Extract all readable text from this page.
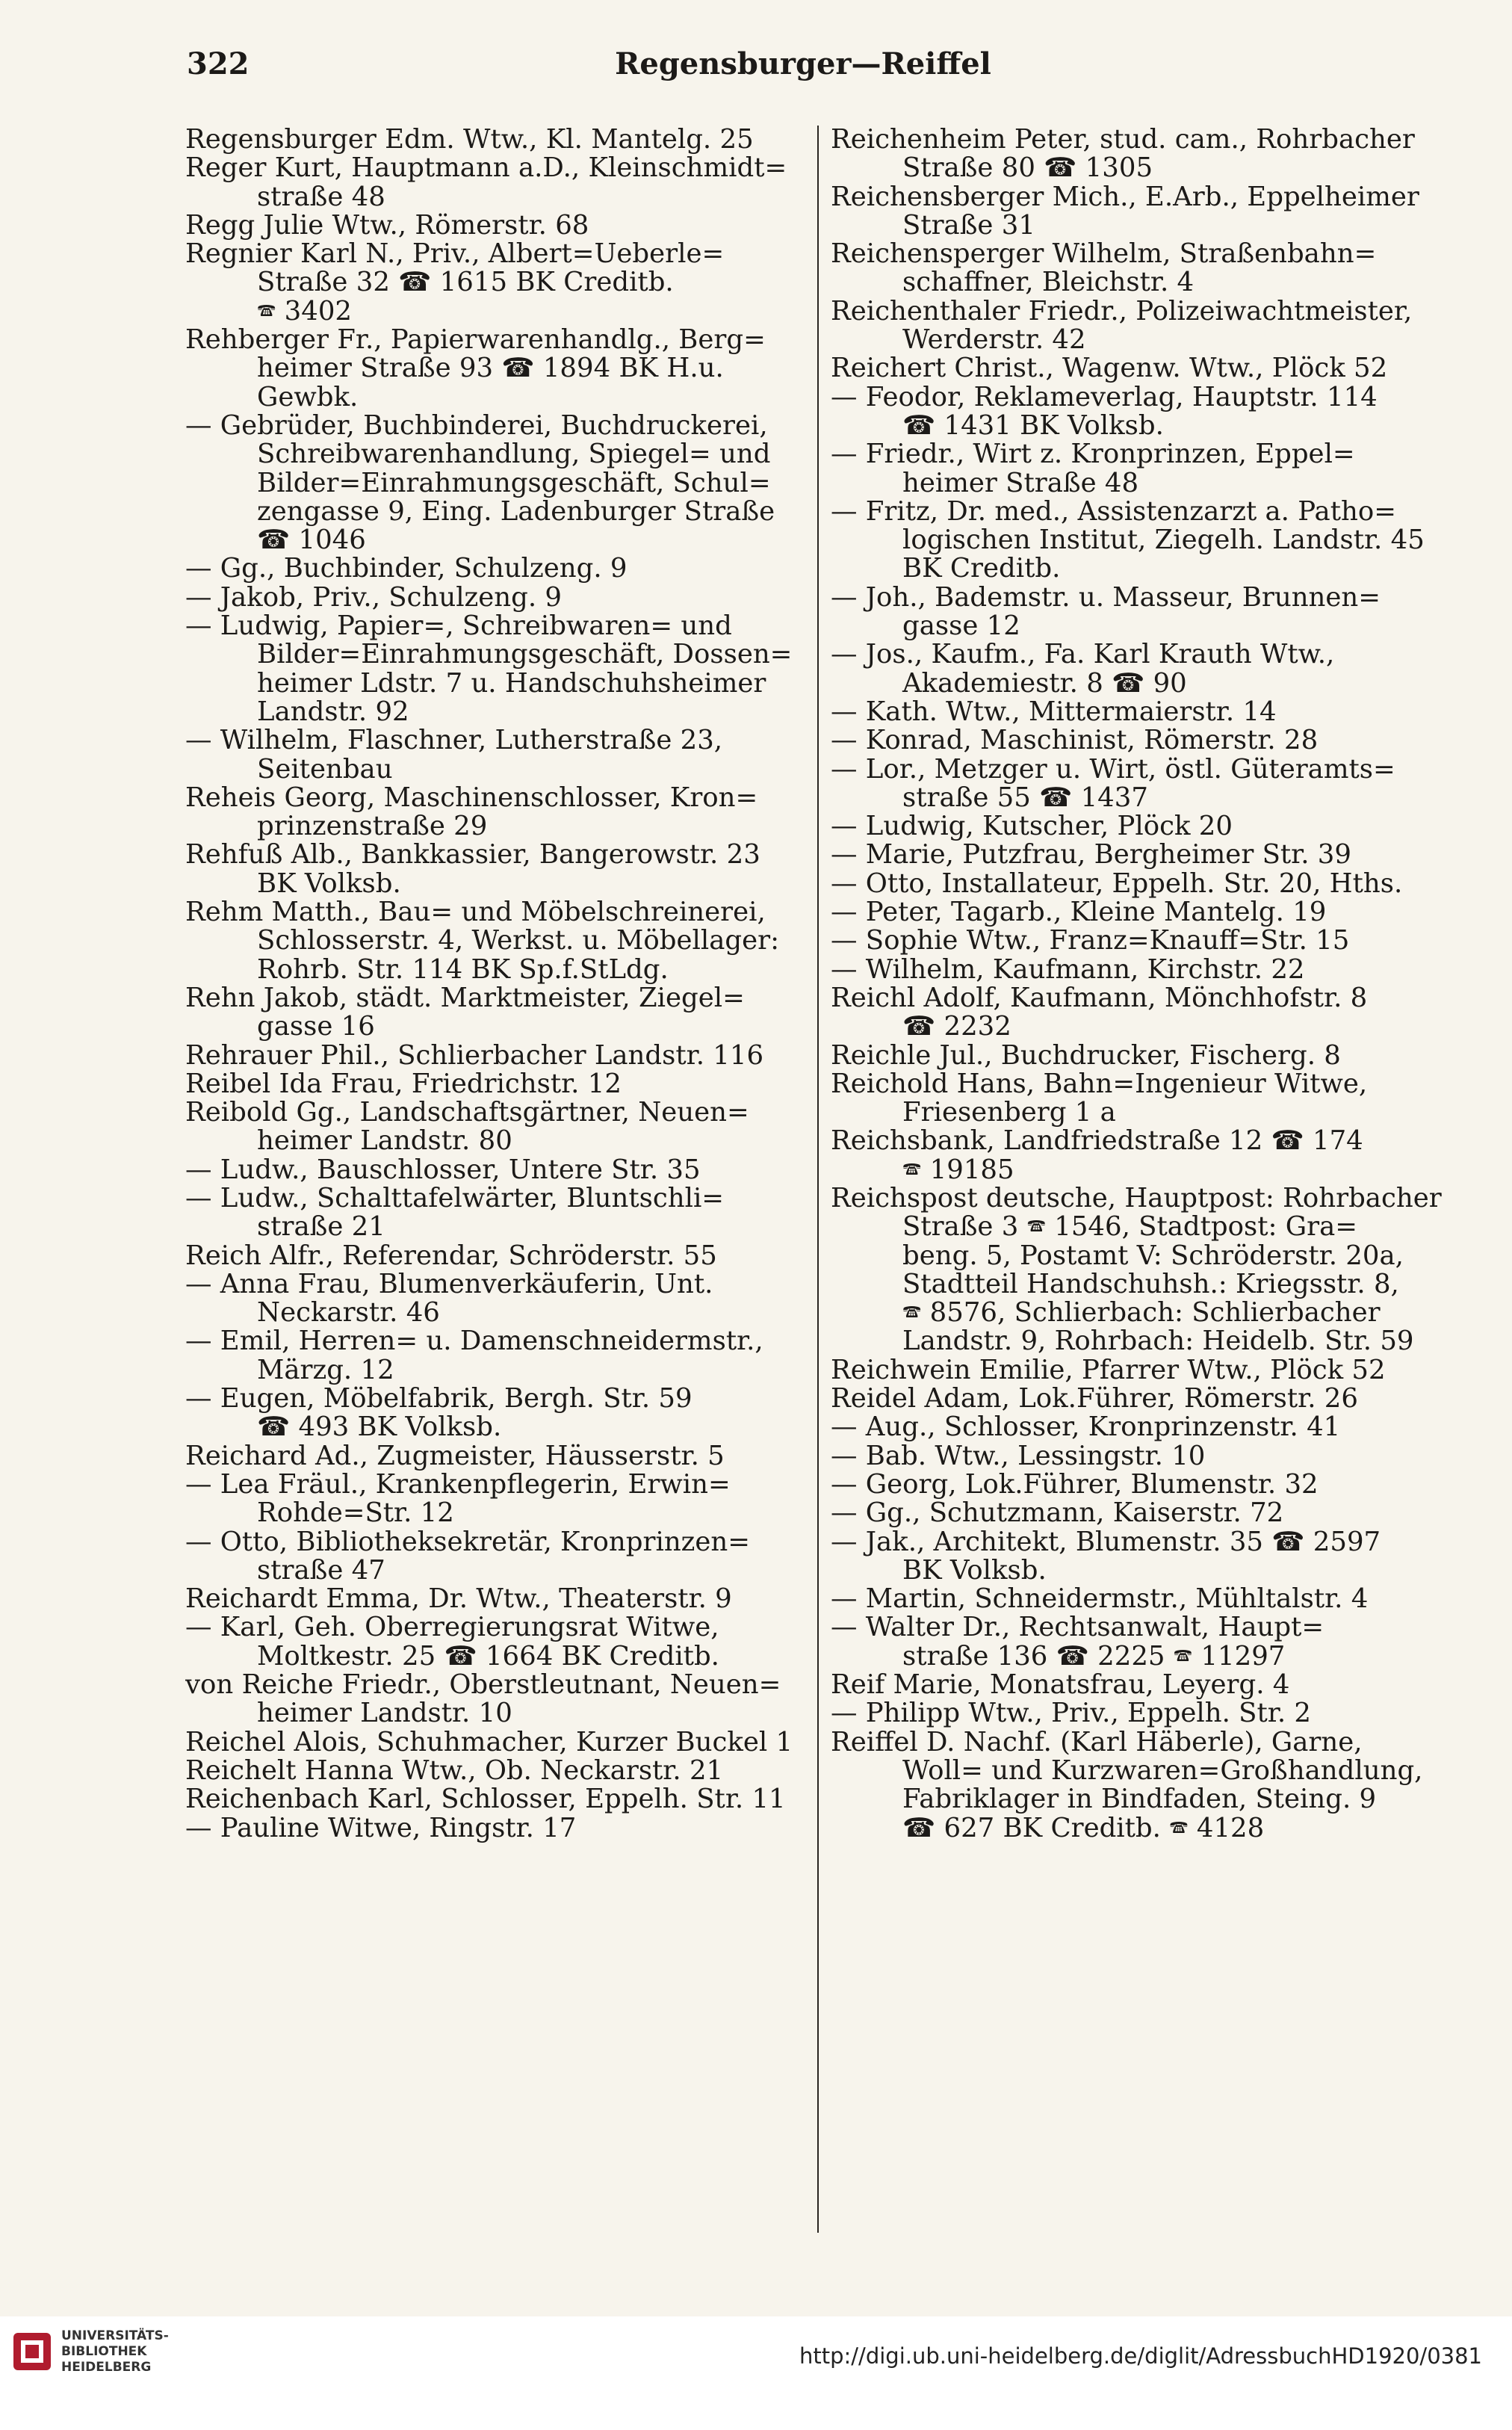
322	Regensburger—Reiffel
Regensburger Edm. Wtw., Kl. Mantelg. 25
Reger Kurt, Hauptmann a.D., Kleinschmidt=
straße 48
Regg Julie Wtw., Römerstr. 68
Regnier Karl N., Priv., Albert=Ueberle=
Straße 32 ☎ 1615 BK Creditb.
🕿 3402
Rehberger Fr., Papierwarenhandlg., Berg=
heimer Straße 93 ☎ 1894 BK H.u.
Gewbk.
— Gebrüder, Buchbinderei, Buchdruckerei,
Schreibwarenhandlung, Spiegel= und
Bilder=Einrahmungsgeschäft, Schul=
zengasse 9, Eing. Ladenburger Straße
☎ 1046
— Gg., Buchbinder, Schulzeng. 9
— Jakob, Priv., Schulzeng. 9
— Ludwig, Papier=, Schreibwaren= und
Bilder=Einrahmungsgeschäft, Dossen=
heimer Ldstr. 7 u. Handschuhsheimer
Landstr. 92
— Wilhelm, Flaschner, Lutherstraße 23,
Seitenbau
Reheis Georg, Maschinenschlosser, Kron=
prinzenstraße 29
Rehfuß Alb., Bankkassier, Bangerowstr. 23
BK Volksb.
Rehm Matth., Bau= und Möbelschreinerei,
Schlosserstr. 4, Werkst. u. Möbellager:
Rohrb. Str. 114 BK Sp.f.StLdg.
Rehn Jakob, städt. Marktmeister, Ziegel=
gasse 16
Rehrauer Phil., Schlierbacher Landstr. 116
Reibel Ida Frau, Friedrichstr. 12
Reibold Gg., Landschaftsgärtner, Neuen=
heimer Landstr. 80
— Ludw., Bauschlosser, Untere Str. 35
— Ludw., Schalttafelwärter, Bluntschli=
straße 21
Reich Alfr., Referendar, Schröderstr. 55
— Anna Frau, Blumenverkäuferin, Unt.
Neckarstr. 46
— Emil, Herren= u. Damenschneidermstr.,
Märzg. 12
— Eugen, Möbelfabrik, Bergh. Str. 59
☎ 493 BK Volksb.
Reichard Ad., Zugmeister, Häusserstr. 5
— Lea Fräul., Krankenpflegerin, Erwin=
Rohde=Str. 12
— Otto, Bibliotheksekretär, Kronprinzen=
straße 47
Reichardt Emma, Dr. Wtw., Theaterstr. 9
— Karl, Geh. Oberregierungsrat Witwe,
Moltkestr. 25 ☎ 1664 BK Creditb.
von Reiche Friedr., Oberstleutnant, Neuen=
heimer Landstr. 10
Reichel Alois, Schuhmacher, Kurzer Buckel 1
Reichelt Hanna Wtw., Ob. Neckarstr. 21
Reichenbach Karl, Schlosser, Eppelh. Str. 11
— Pauline Witwe, Ringstr. 17
Reichenheim Peter, stud. cam., Rohrbacher
Straße 80 ☎ 1305
Reichensberger Mich., E.Arb., Eppelheimer
Straße 31
Reichensperger Wilhelm, Straßenbahn=
schaffner, Bleichstr. 4
Reichenthaler Friedr., Polizeiwachtmeister,
Werderstr. 42
Reichert Christ., Wagenw. Wtw., Plöck 52
— Feodor, Reklameverlag, Hauptstr. 114
☎ 1431 BK Volksb.
— Friedr., Wirt z. Kronprinzen, Eppel=
heimer Straße 48
— Fritz, Dr. med., Assistenzarzt a. Patho=
logischen Institut, Ziegelh. Landstr. 45
BK Creditb.
— Joh., Bademstr. u. Masseur, Brunnen=
gasse 12
— Jos., Kaufm., Fa. Karl Krauth Wtw.,
Akademiestr. 8 ☎ 90
— Kath. Wtw., Mittermaierstr. 14
— Konrad, Maschinist, Römerstr. 28
— Lor., Metzger u. Wirt, östl. Güteramts=
straße 55 ☎ 1437
— Ludwig, Kutscher, Plöck 20
— Marie, Putzfrau, Bergheimer Str. 39
— Otto, Installateur, Eppelh. Str. 20, Hths.
— Peter, Tagarb., Kleine Mantelg. 19
— Sophie Wtw., Franz=Knauff=Str. 15
— Wilhelm, Kaufmann, Kirchstr. 22
Reichl Adolf, Kaufmann, Mönchhofstr. 8
☎ 2232
Reichle Jul., Buchdrucker, Fischerg. 8
Reichold Hans, Bahn=Ingenieur Witwe,
Friesenberg 1 a
Reichsbank, Landfriedstraße 12 ☎ 174
🕿 19185
Reichspost deutsche, Hauptpost: Rohrbacher
Straße 3 🕿 1546, Stadtpost: Gra=
beng. 5, Postamt V: Schröderstr. 20a,
Stadtteil Handschuhsh.: Kriegsstr. 8,
🕿 8576, Schlierbach: Schlierbacher
Landstr. 9, Rohrbach: Heidelb. Str. 59
Reichwein Emilie, Pfarrer Wtw., Plöck 52
Reidel Adam, Lok.Führer, Römerstr. 26
— Aug., Schlosser, Kronprinzenstr. 41
— Bab. Wtw., Lessingstr. 10
— Georg, Lok.Führer, Blumenstr. 32
— Gg., Schutzmann, Kaiserstr. 72
— Jak., Architekt, Blumenstr. 35 ☎ 2597
BK Volksb.
— Martin, Schneidermstr., Mühltalstr. 4
— Walter Dr., Rechtsanwalt, Haupt=
straße 136 ☎ 2225 🕿 11297
Reif Marie, Monatsfrau, Leyerg. 4
— Philipp Wtw., Priv., Eppelh. Str. 2
Reiffel D. Nachf. (Karl Häberle), Garne,
Woll= und Kurzwaren=Großhandlung,
Fabriklager in Bindfaden, Steing. 9
☎ 627 BK Creditb. 🕿 4128
UNIVERSITÄTS-
BIBLIOTHEK
HEIDELBERG	http://digi.ub.uni-heidelberg.de/diglit/AdressbuchHD1920/0381
